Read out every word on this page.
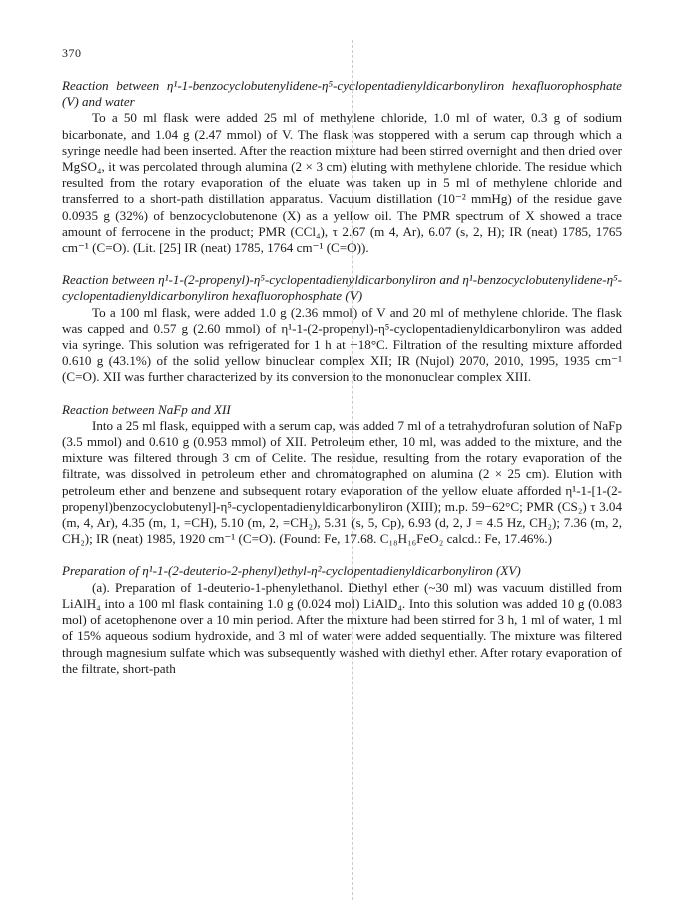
370

Reaction between η¹-1-benzocyclobutenylidene-η⁵-cyclopentadienyldicarbonyliron hexafluorophosphate (V) and water

To a 50 ml flask were added 25 ml of methylene chloride, 1.0 ml of water, 0.3 g of sodium bicarbonate, and 1.04 g (2.47 mmol) of V. The flask was stoppered with a serum cap through which a syringe needle had been inserted. After the reaction mixture had been stirred overnight and then dried over MgSO₄, it was percolated through alumina (2 × 3 cm) eluting with methylene chloride. The residue which resulted from the rotary evaporation of the eluate was taken up in 5 ml of methylene chloride and transferred to a short-path distillation apparatus. Vacuum distillation (10⁻² mmHg) of the residue gave 0.0935 g (32%) of benzocyclobutenone (X) as a yellow oil. The PMR spectrum of X showed a trace amount of ferrocene in the product; PMR (CCl₄), τ 2.67 (m 4, Ar), 6.07 (s, 2, H); IR (neat) 1785, 1765 cm⁻¹ (C=O). (Lit. [25] IR (neat) 1785, 1764 cm⁻¹ (C=O)).

Reaction between η¹-1-(2-propenyl)-η⁵-cyclopentadienyldicarbonyliron and η¹-benzocyclobutenylidene-η⁵-cyclopentadienyldicarbonyliron hexafluorophosphate (V)

To a 100 ml flask, were added 1.0 g (2.36 mmol) of V and 20 ml of methylene chloride. The flask was capped and 0.57 g (2.60 mmol) of η¹-1-(2-propenyl)-η⁵-cyclopentadienyldicarbonyliron was added via syringe. This solution was refrigerated for 1 h at −18°C. Filtration of the resulting mixture afforded 0.610 g (43.1%) of the solid yellow binuclear complex XII; IR (Nujol) 2070, 2010, 1995, 1935 cm⁻¹ (C=O). XII was further characterized by its conversion to the mononuclear complex XIII.

Reaction between NaFp and XII

Into a 25 ml flask, equipped with a serum cap, was added 7 ml of a tetrahydrofuran solution of NaFp (3.5 mmol) and 0.610 g (0.953 mmol) of XII. Petroleum ether, 10 ml, was added to the mixture, and the mixture was filtered through 3 cm of Celite. The residue, resulting from the rotary evaporation of the filtrate, was dissolved in petroleum ether and chromatographed on alumina (2 × 25 cm). Elution with petroleum ether and benzene and subsequent rotary evaporation of the yellow eluate afforded η¹-1-[1-(2-propenyl)benzocyclobutenyl]-η⁵-cyclopentadienyldicarbonyliron (XIII); m.p. 59−62°C; PMR (CS₂) τ 3.04 (m, 4, Ar), 4.35 (m, 1, =CH), 5.10 (m, 2, =CH₂), 5.31 (s, 5, Cp), 6.93 (d, 2, J = 4.5 Hz, CH₂); 7.36 (m, 2, CH₂); IR (neat) 1985, 1920 cm⁻¹ (C=O). (Found: Fe, 17.68. C₁₈H₁₆FeO₂ calcd.: Fe, 17.46%.)

Preparation of η¹-1-(2-deuterio-2-phenyl)ethyl-η²-cyclopentadienyldicarbonyliron (XV)

(a). Preparation of 1-deuterio-1-phenylethanol. Diethyl ether (~30 ml) was vacuum distilled from LiAlH₄ into a 100 ml flask containing 1.0 g (0.024 mol) LiAlD₄. Into this solution was added 10 g (0.083 mol) of acetophenone over a 10 min period. After the mixture had been stirred for 3 h, 1 ml of water, 1 ml of 15% aqueous sodium hydroxide, and 3 ml of water were added sequentially. The mixture was filtered through magnesium sulfate which was subsequently washed with diethyl ether. After rotary evaporation of the filtrate, short-path
